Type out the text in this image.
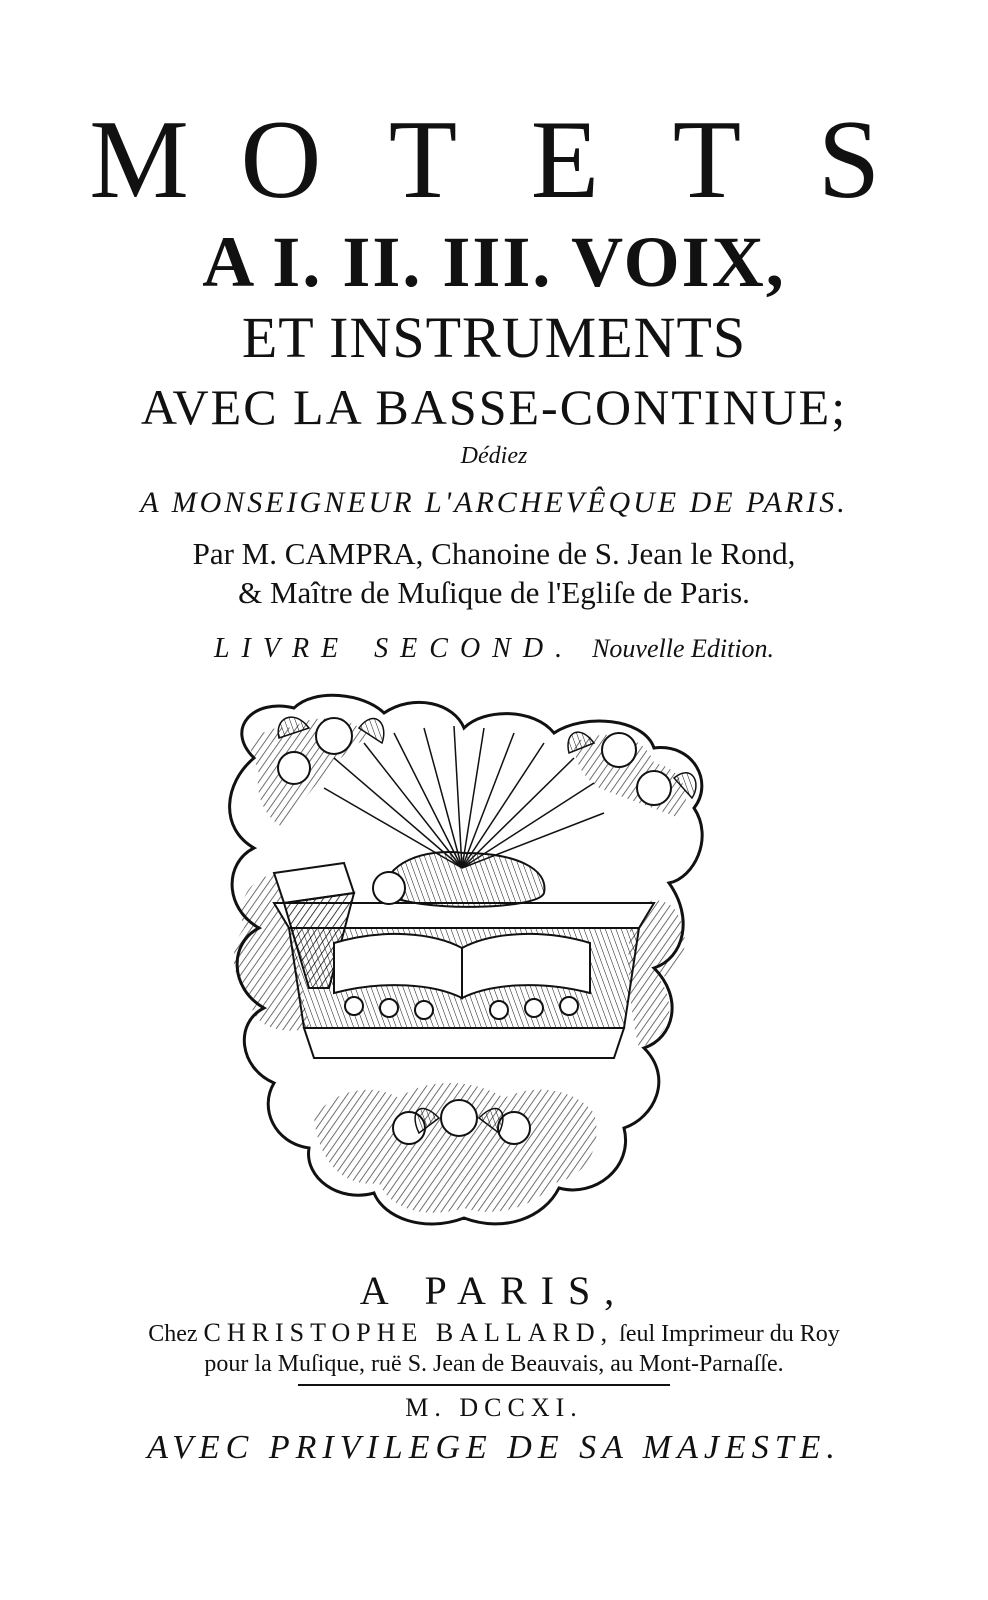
M O T E T S
A I. II. III. VOIX,
ET INSTRUMENTS
AVEC LA BASSE-CONTINUE;
Dédiez
A MONSEIGNEUR L'ARCHEVÊQUE DE PARIS.
Par M. CAMPRA, Chanoine de S. Jean le Rond,
& Maître de Muſique de l'Egliſe de Paris.
LIVRE SECOND. Nouvelle Edition.
A PARIS,
Chez CHRISTOPHE BALLARD, ſeul Imprimeur du Roy
pour la Muſique, ruë S. Jean de Beauvais, au Mont-Parnaſſe.
M. DCCXI.
AVEC PRIVILEGE DE SA MAJESTE.
